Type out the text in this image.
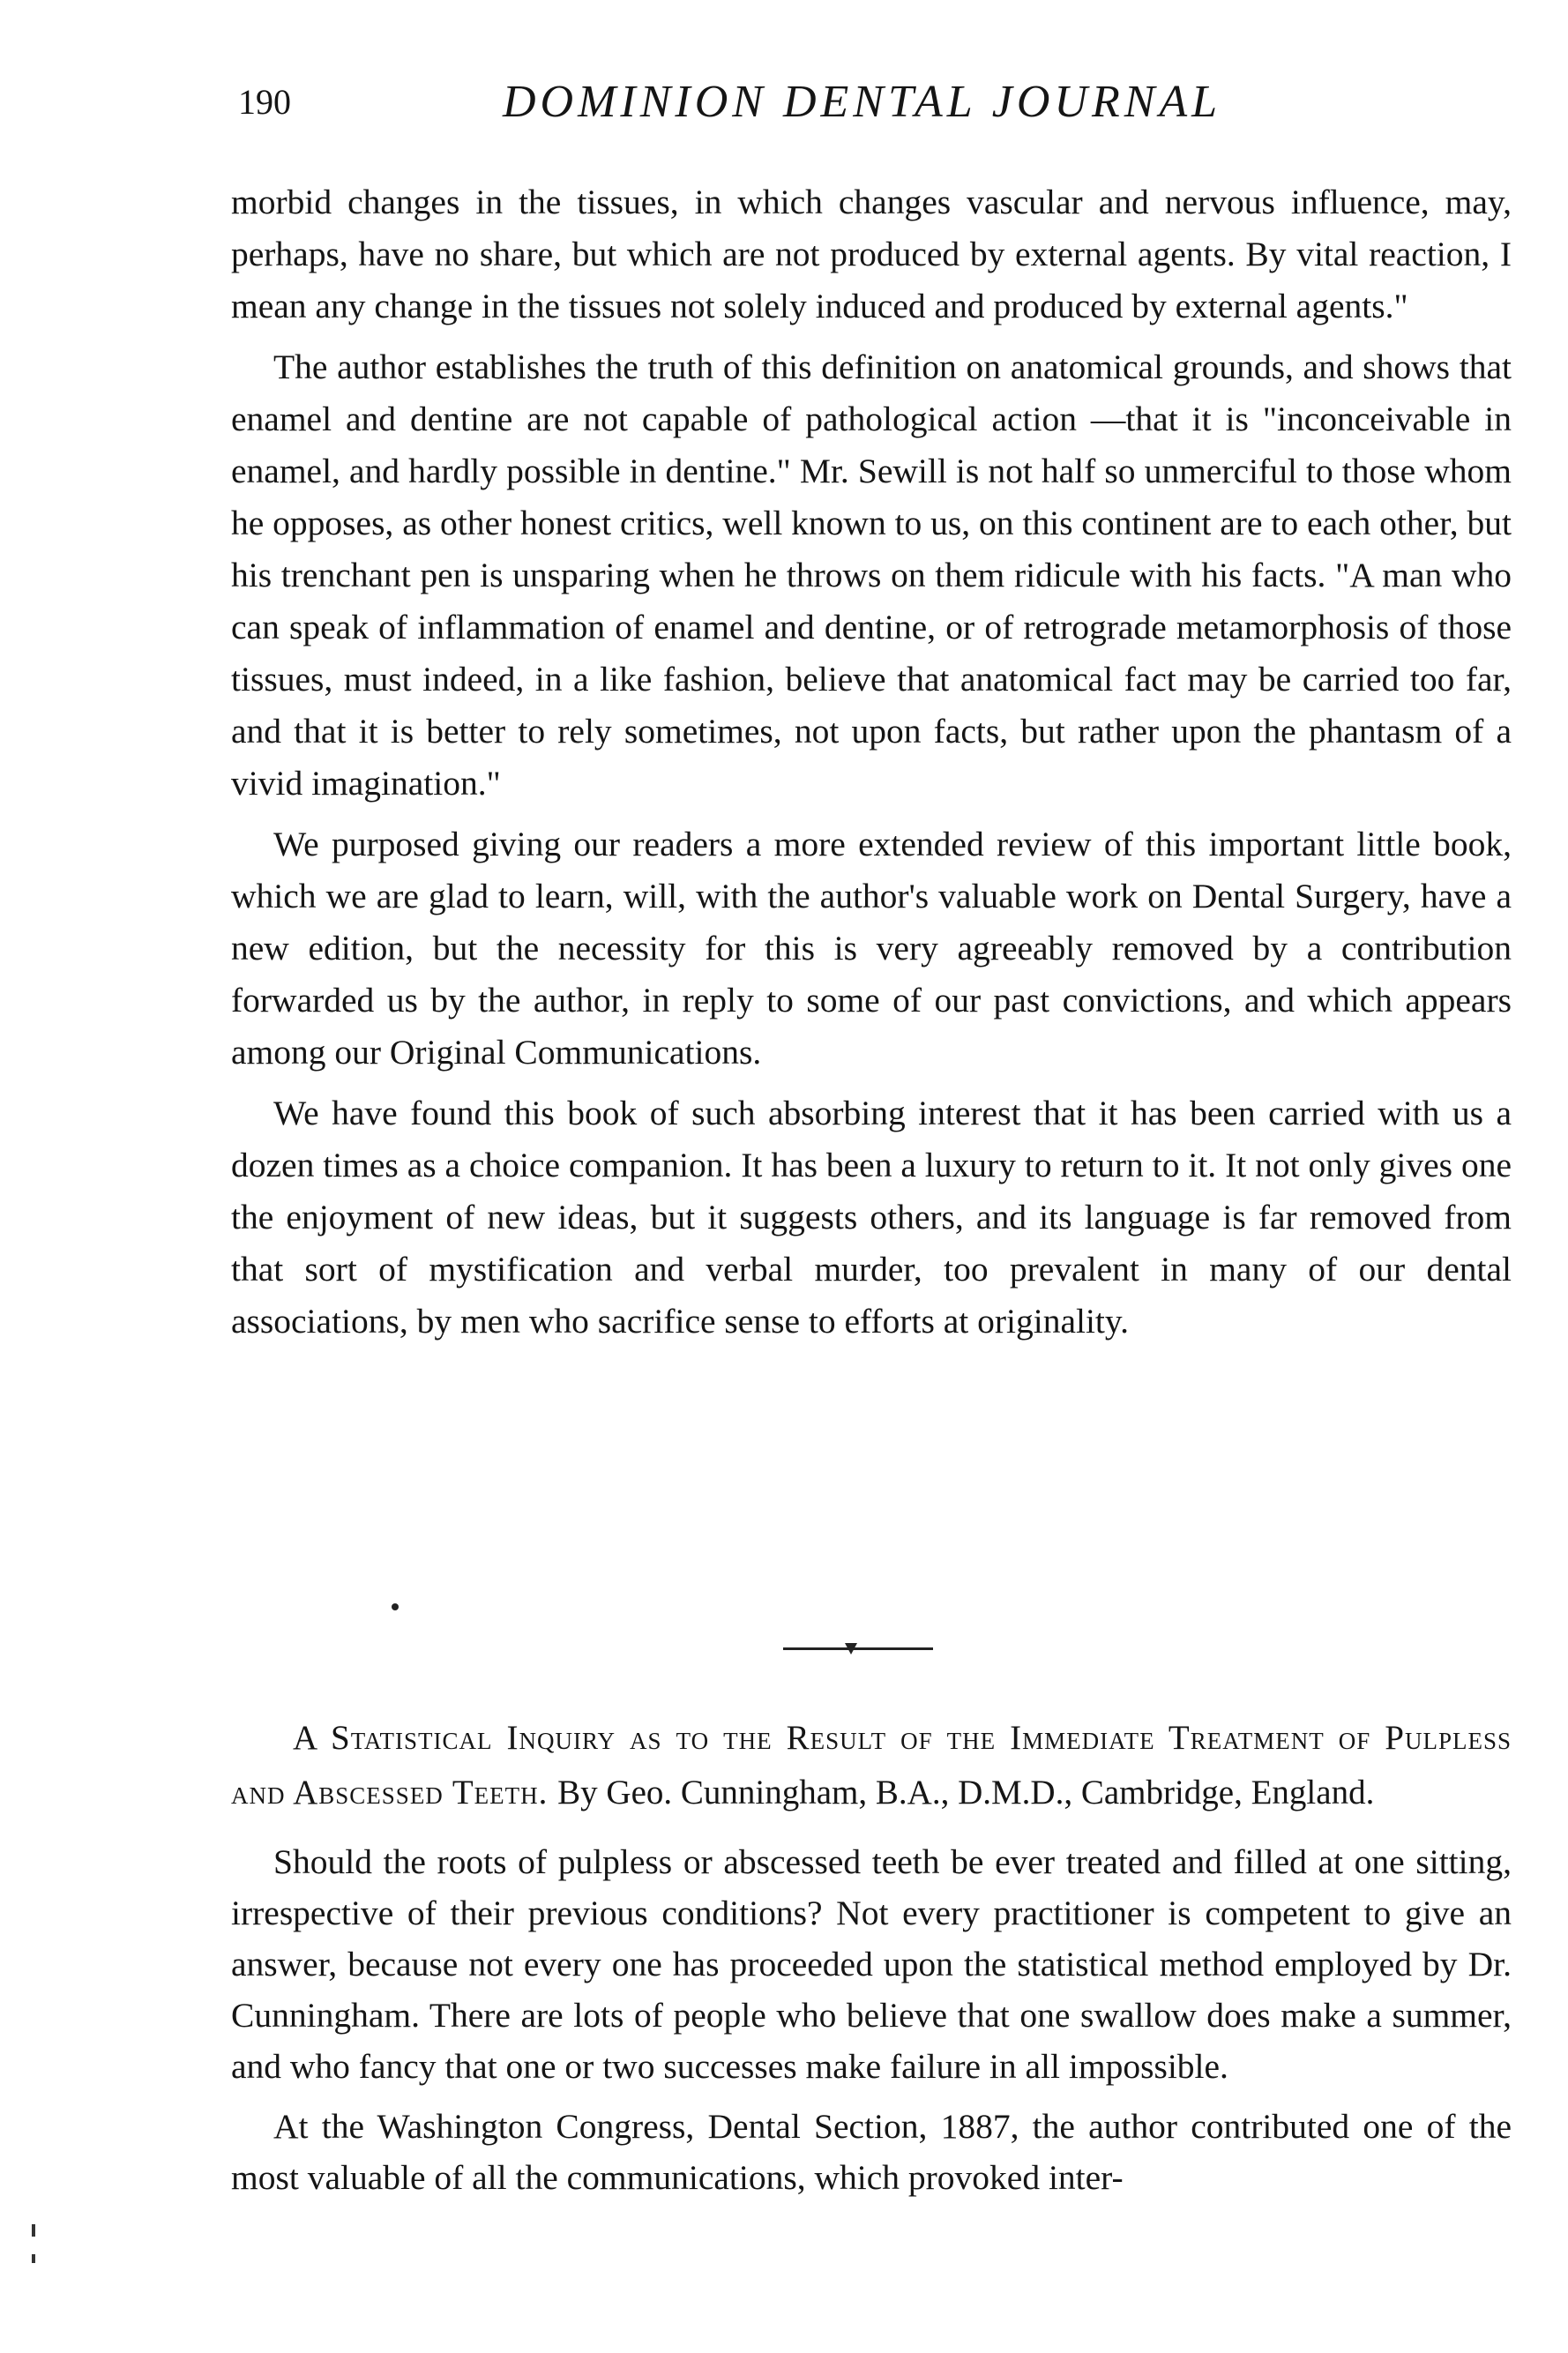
190	DOMINION DENTAL JOURNAL

morbid changes in the tissues, in which changes vascular and nervous influence, may, perhaps, have no share, but which are not produced by external agents. By vital reaction, I mean any change in the tissues not solely induced and produced by external agents."

The author establishes the truth of this definition on anatomical grounds, and shows that enamel and dentine are not capable of pathological action —that it is "inconceivable in enamel, and hardly possible in dentine." Mr. Sewill is not half so unmerciful to those whom he opposes, as other honest critics, well known to us, on this continent are to each other, but his trenchant pen is unsparing when he throws on them ridicule with his facts. "A man who can speak of inflammation of enamel and dentine, or of retrograde metamorphosis of those tissues, must indeed, in a like fashion, believe that anatomical fact may be carried too far, and that it is better to rely sometimes, not upon facts, but rather upon the phantasm of a vivid imagination."

We purposed giving our readers a more extended review of this important little book, which we are glad to learn, will, with the author's valuable work on Dental Surgery, have a new edition, but the necessity for this is very agreeably removed by a contribution forwarded us by the author, in reply to some of our past convictions, and which appears among our Original Communications.

We have found this book of such absorbing interest that it has been carried with us a dozen times as a choice companion. It has been a luxury to return to it. It not only gives one the enjoyment of new ideas, but it suggests others, and its language is far removed from that sort of mystification and verbal murder, too prevalent in many of our dental associations, by men who sacrifice sense to efforts at originality.

A Statistical Inquiry as to the Result of the Immediate Treatment of Pulpless and Abscessed Teeth. By Geo. Cunningham, B.A., D.M.D., Cambridge, England.

Should the roots of pulpless or abscessed teeth be ever treated and filled at one sitting, irrespective of their previous conditions? Not every practitioner is competent to give an answer, because not every one has proceeded upon the statistical method employed by Dr. Cunningham. There are lots of people who believe that one swallow does make a summer, and who fancy that one or two successes make failure in all impossible.

At the Washington Congress, Dental Section, 1887, the author contributed one of the most valuable of all the communications, which provoked inter-
